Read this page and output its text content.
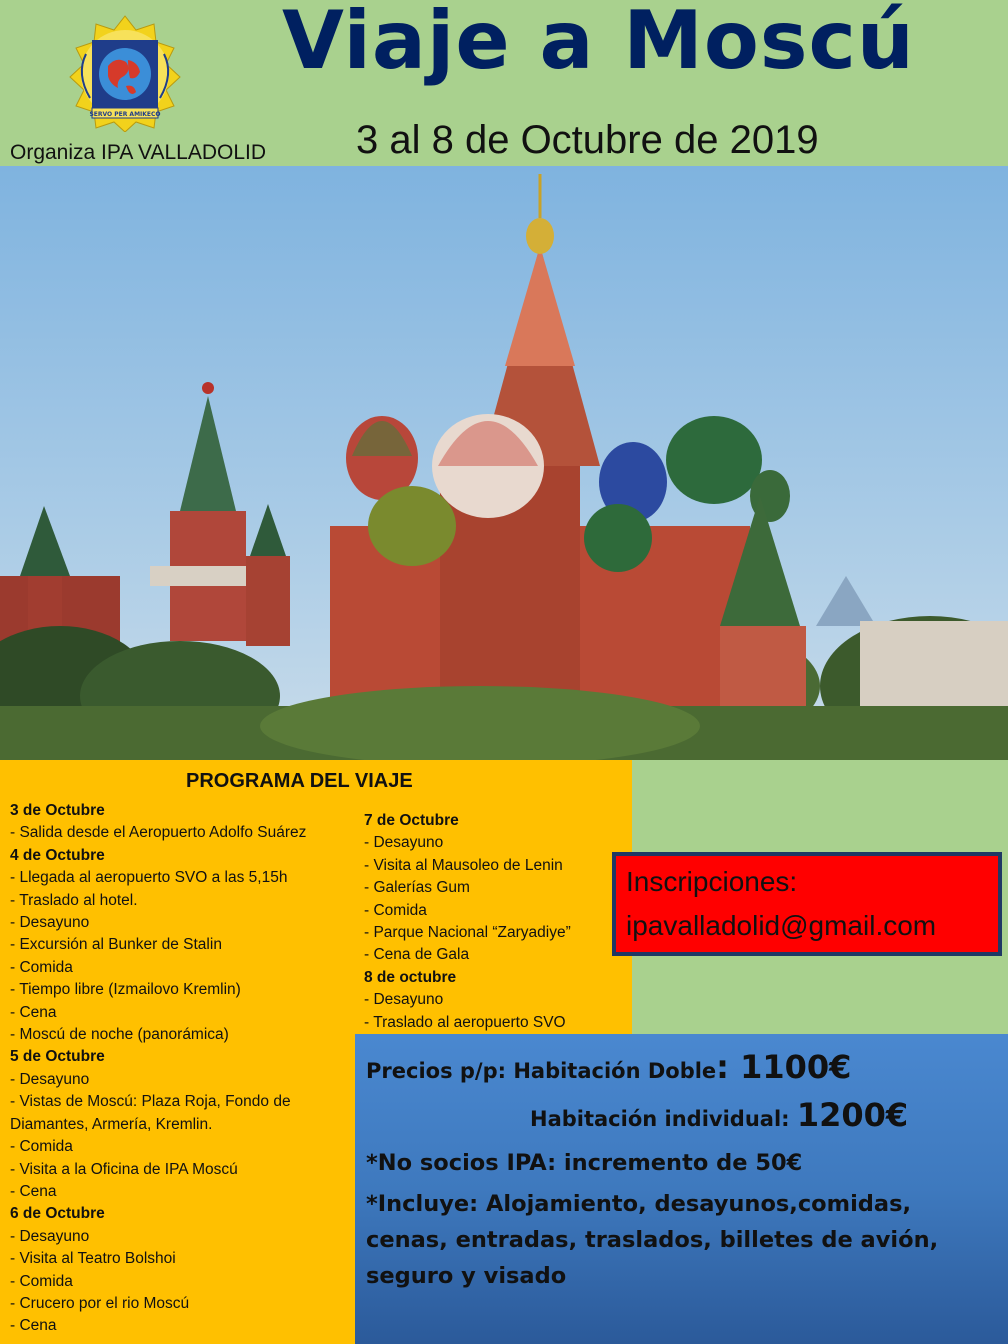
SERVO PER AMIKECO
Viaje a Moscú
3 al 8 de Octubre de 2019
Organiza IPA VALLADOLID
PROGRAMA DEL VIAJE
3 de Octubre
- Salida desde el Aeropuerto Adolfo Suárez
4 de Octubre
- Llegada al aeropuerto SVO a las 5,15h
- Traslado al hotel.
- Desayuno
- Excursión al Bunker de Stalin
- Comida
- Tiempo libre (Izmailovo Kremlin)
- Cena
- Moscú de noche (panorámica)
5 de Octubre
- Desayuno
- Vistas de Moscú: Plaza Roja, Fondo de
Diamantes, Armería, Kremlin.
- Comida
- Visita a la Oficina de IPA Moscú
- Cena
6 de Octubre
- Desayuno
- Visita al Teatro Bolshoi
- Comida
- Crucero por el rio Moscú
- Cena
7 de Octubre
- Desayuno
- Visita al Mausoleo de Lenin
- Galerías Gum
- Comida
- Parque Nacional “Zaryadiye”
- Cena de Gala
8 de octubre
- Desayuno
- Traslado al aeropuerto SVO
Inscripciones:
ipavalladolid@gmail.com
Precios p/p: Habitación Doble: 1100€
Habitación individual: 1200€
*No socios IPA: incremento de 50€
*Incluye: Alojamiento, desayunos,comidas, cenas, entradas, traslados, billetes de avión, seguro y visado
